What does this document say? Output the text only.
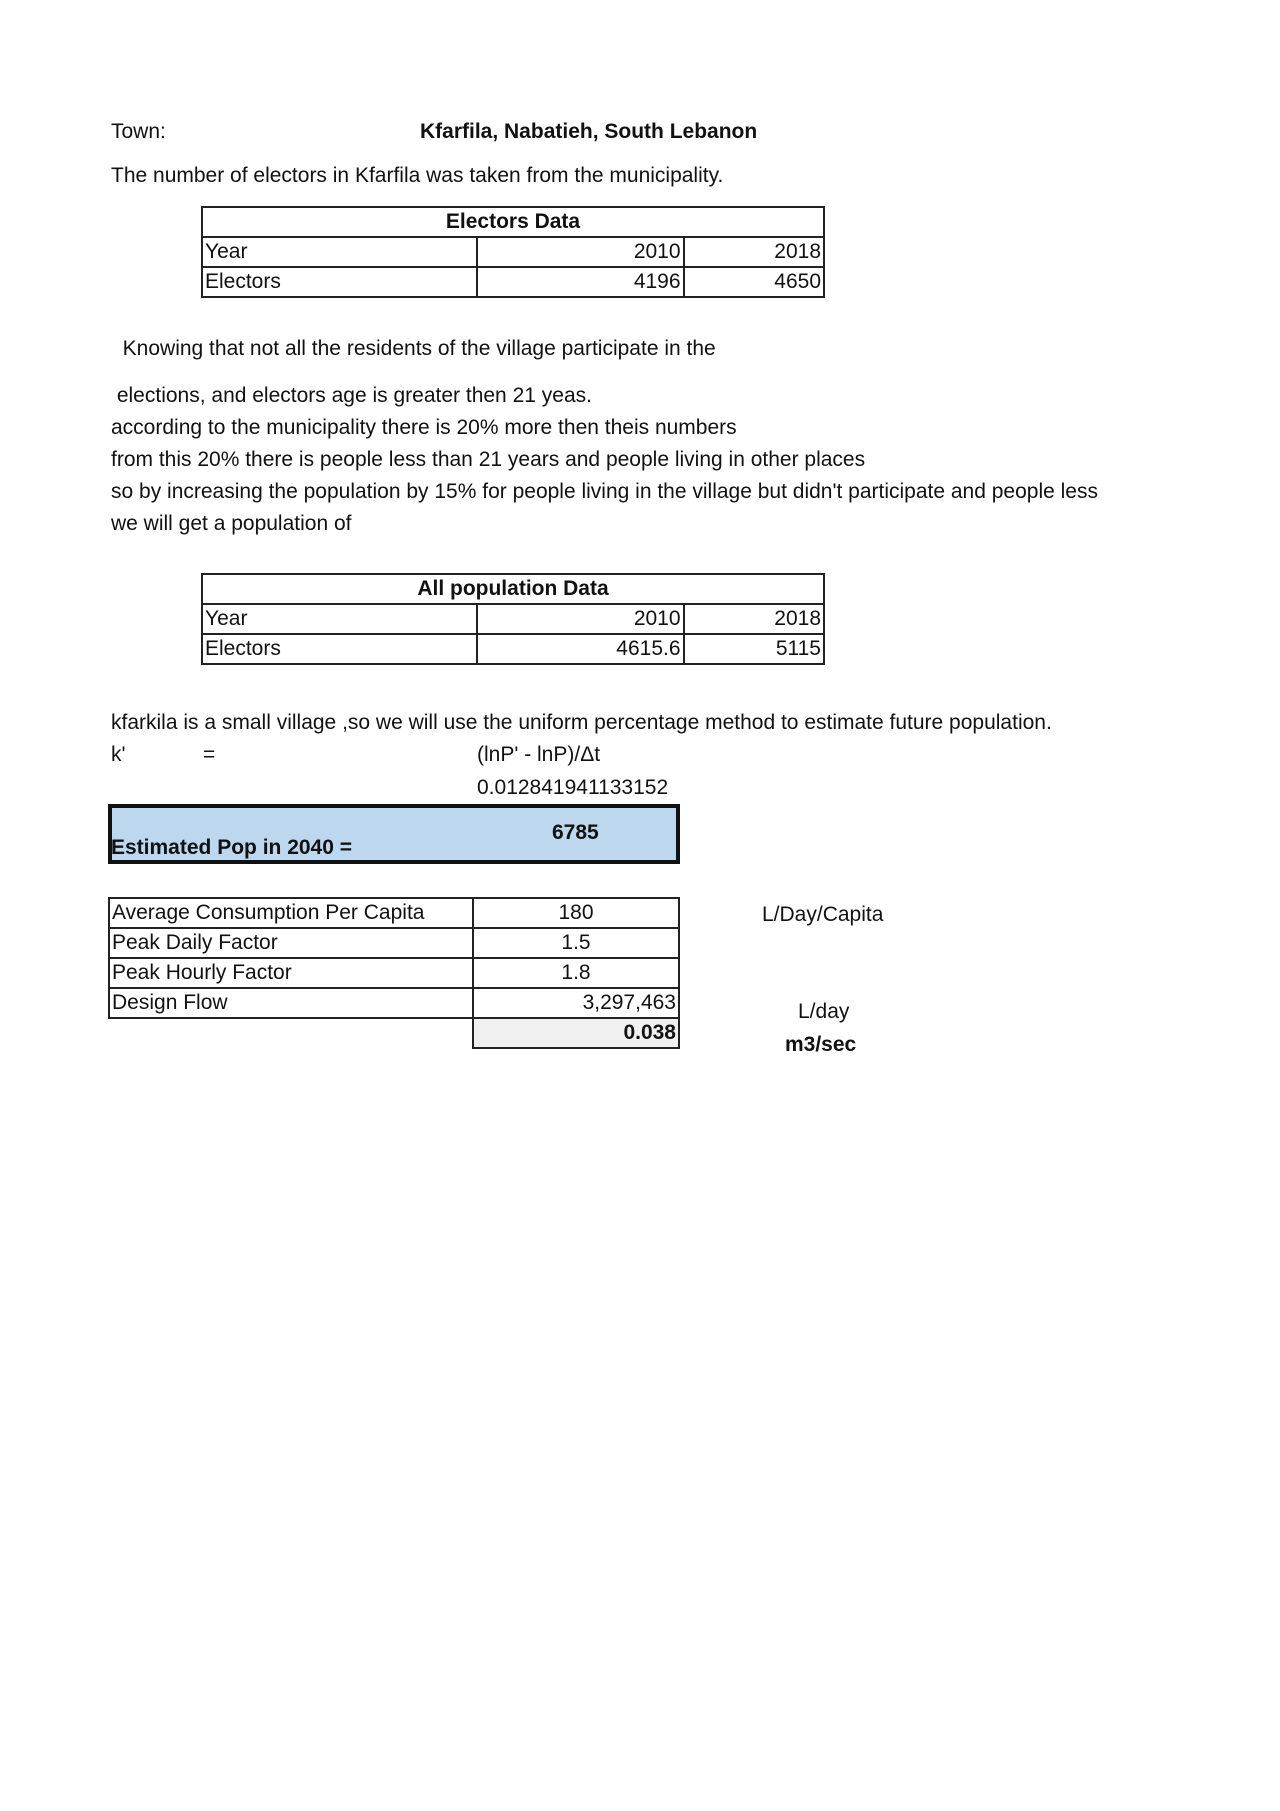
Town:	Kfarfila, Nabatieh, South Lebanon
The number of electors in Kfarfila was taken from the municipality.
Electors Data		
Year	2010	2018
Electors	4196	4650
Knowing that not all the residents of the village participate in the
elections, and electors age is greater then 21 yeas.
according to the municipality there is 20% more then theis numbers
from this 20% there is people less than 21 years and people living in other places
so by increasing the population by 15% for people living in the village but didn't participate and people less
we will get a population of
All population Data		
Year	2010	2018
Electors	4615.6	5115
kfarkila is a small village ,so we will use the uniform percentage method to estimate future population.
k'	=	(lnP' - lnP)/Δt
0.012841941133152
Estimated Pop in 2040 =
6785
Average Consumption Per Capita	180
Peak Daily Factor	1.5
Peak Hourly Factor	1.8
Design Flow	3,297,463
	0.038
L/Day/Capita
L/day
m3/sec
